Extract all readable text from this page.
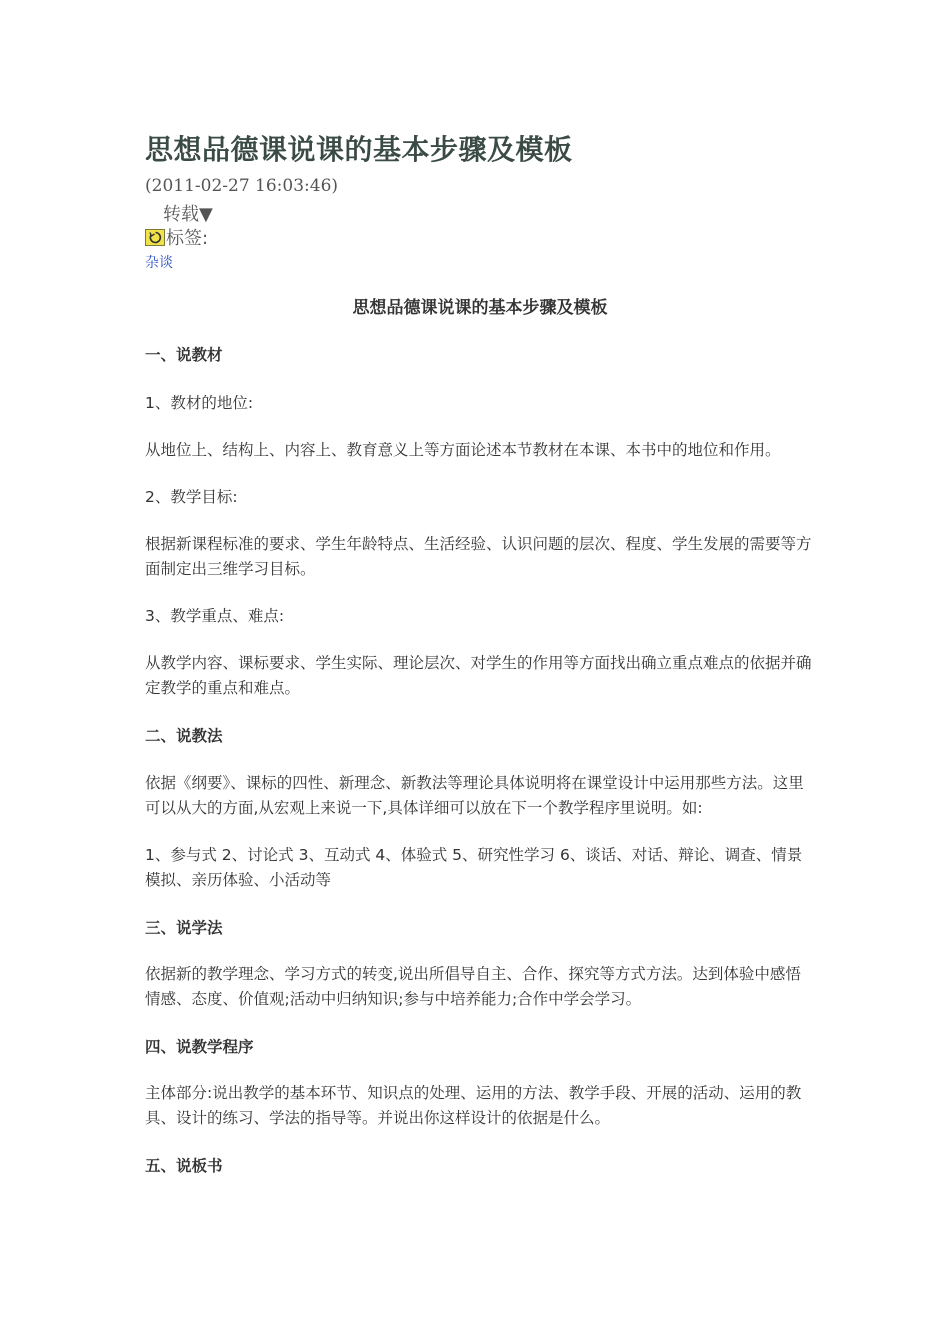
思想品德课说课的基本步骤及模板
(2011-02-27 16:03:46)
转载▼
标签:
杂谈

思想品德课说课的基本步骤及模板

一、说教材

1、教材的地位:

从地位上、结构上、内容上、教育意义上等方面论述本节教材在本课、本书中的地位和作用。

2、教学目标:

根据新课程标准的要求、学生年龄特点、生活经验、认识问题的层次、程度、学生发展的需要等方面制定出三维学习目标。

3、教学重点、难点:

从教学内容、课标要求、学生实际、理论层次、对学生的作用等方面找出确立重点难点的依据并确定教学的重点和难点。

二、说教法

依据《纲要》、课标的四性、新理念、新教法等理论具体说明将在课堂设计中运用那些方法。这里可以从大的方面,从宏观上来说一下,具体详细可以放在下一个教学程序里说明。如:

1、参与式 2、讨论式 3、互动式 4、体验式 5、研究性学习 6、谈话、对话、辩论、调查、情景模拟、亲历体验、小活动等

三、说学法

依据新的教学理念、学习方式的转变,说出所倡导自主、合作、探究等方式方法。达到体验中感悟情感、态度、价值观;活动中归纳知识;参与中培养能力;合作中学会学习。

四、说教学程序

主体部分:说出教学的基本环节、知识点的处理、运用的方法、教学手段、开展的活动、运用的教具、设计的练习、学法的指导等。并说出你这样设计的依据是什么。

五、说板书
